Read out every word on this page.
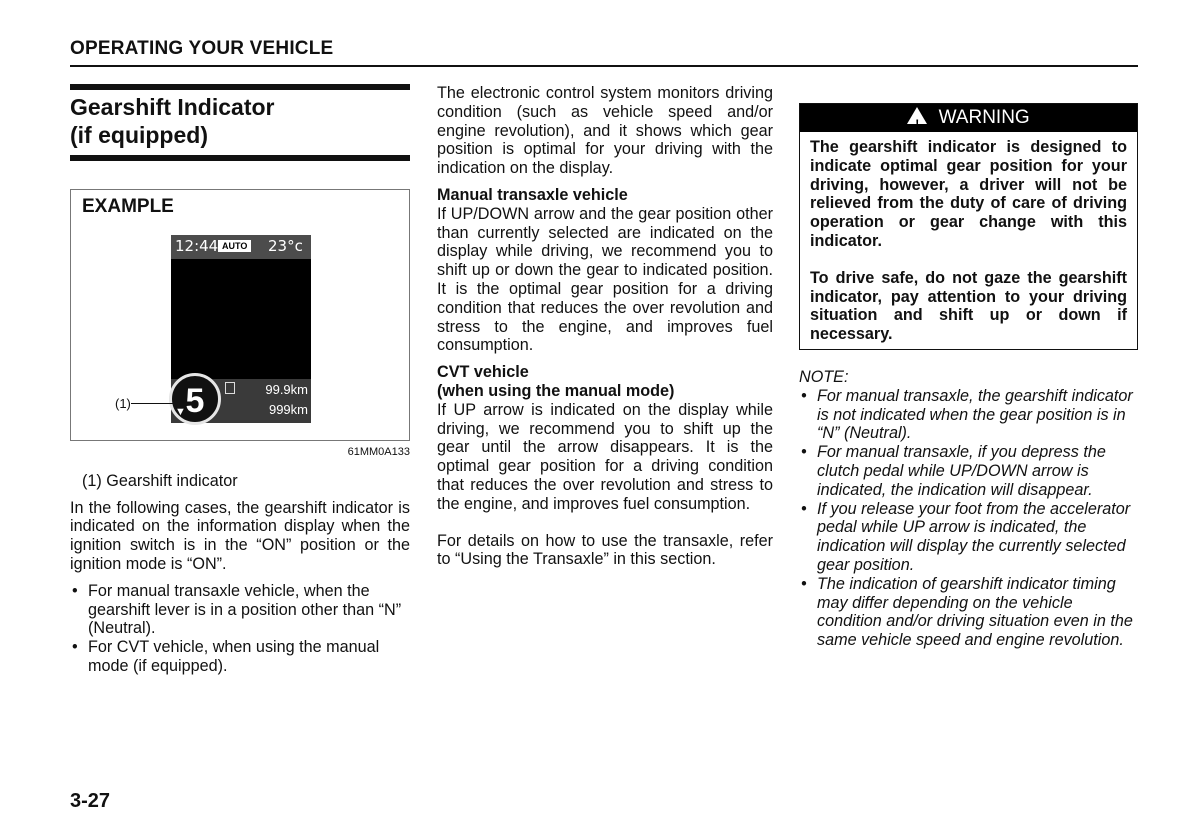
OPERATING YOUR VEHICLE
Gearshift Indicator
(if equipped)
EXAMPLE
12:44 AUTO 23°c
5
▼
99.9km
999km
(1)
61MM0A133
(1) Gearshift indicator

In the following cases, the gearshift indicator is indicated on the information display when the ignition switch is in the “ON” position or the ignition mode is “ON”.

• For manual transaxle vehicle, when the gearshift lever is in a position other than “N” (Neutral).
• For CVT vehicle, when using the manual mode (if equipped).

The electronic control system monitors driving condition (such as vehicle speed and/or engine revolution), and it shows which gear position is optimal for your driving with the indication on the display.

Manual transaxle vehicle

If UP/DOWN arrow and the gear position other than currently selected are indicated on the display while driving, we recommend you to shift up or down the gear to indicated position. It is the optimal gear position for a driving condition that reduces the over revolution and stress to the engine, and improves fuel consumption.

CVT vehicle
(when using the manual mode)

If UP arrow is indicated on the display while driving, we recommend you to shift up the gear until the arrow disappears. It is the optimal gear position for a driving condition that reduces the over revolution and stress to the engine, and improves fuel consumption.

For details on how to use the transaxle, refer to “Using the Transaxle” in this section.

! WARNING

The gearshift indicator is designed to indicate optimal gear position for your driving, however, a driver will not be relieved from the duty of care of driving operation or gear change with this indicator.

To drive safe, do not gaze the gearshift indicator, pay attention to your driving situation and shift up or down if necessary.

NOTE:
• For manual transaxle, the gearshift indicator is not indicated when the gear position is in “N” (Neutral).
• For manual transaxle, if you depress the clutch pedal while UP/DOWN arrow is indicated, the indication will disappear.
• If you release your foot from the accelerator pedal while UP arrow is indicated, the indication will display the currently selected gear position.
• The indication of gearshift indicator timing may differ depending on the vehicle condition and/or driving situation even in the same vehicle speed and engine revolution.
3-27
